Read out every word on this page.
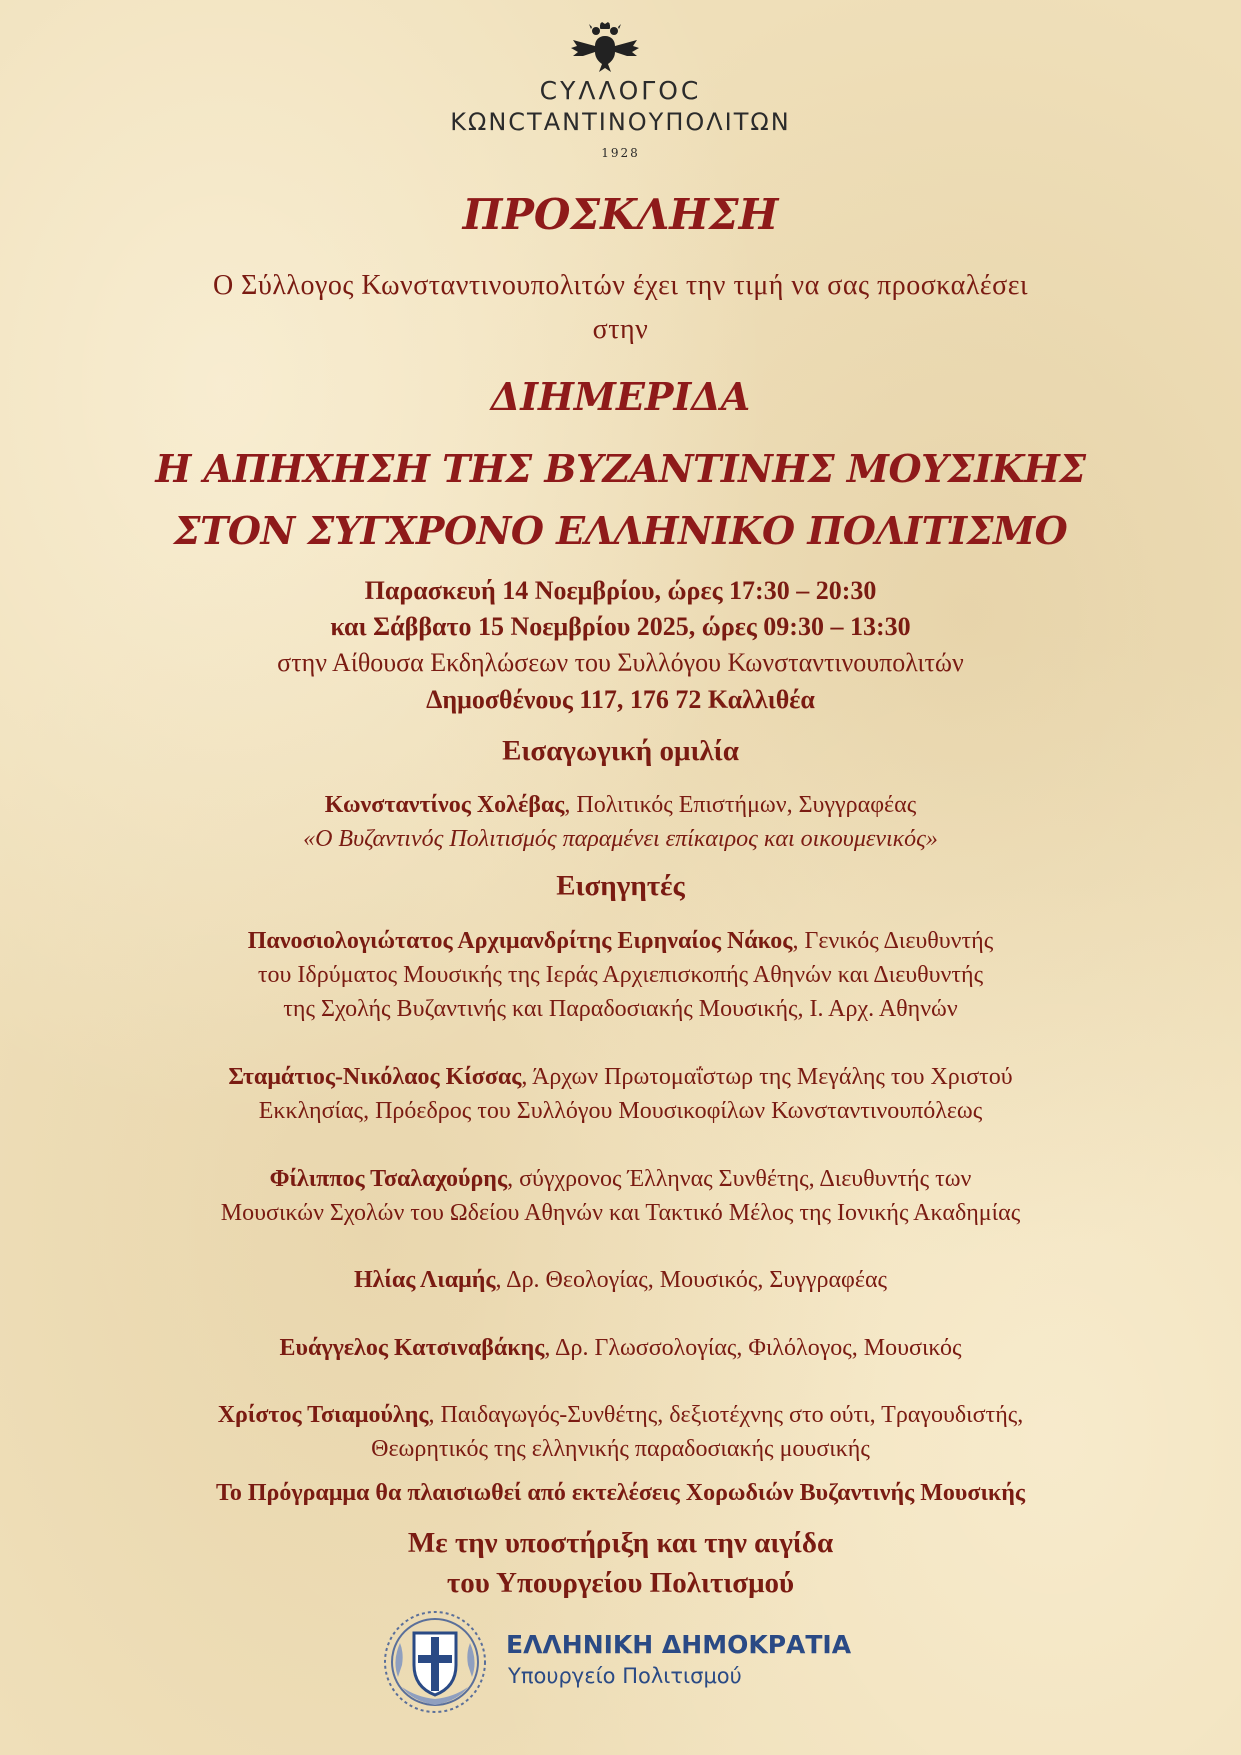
ϹΥΛΛΟΓΟϹ
ΚΩΝϹΤΑΝΤΙΝΟΥΠΟΛΙΤΩΝ
1928
ΠΡΟΣΚΛΗΣΗ
Ο Σύλλογος Κωνσταντινουπολιτών έχει την τιμή να σας προσκαλέσει
στην
ΔΙΗΜΕΡΙΔΑ
Η ΑΠΗΧΗΣΗ ΤΗΣ ΒΥΖΑΝΤΙΝΗΣ ΜΟΥΣΙΚΗΣ
ΣΤΟΝ ΣΥΓΧΡΟΝΟ ΕΛΛΗΝΙΚΟ ΠΟΛΙΤΙΣΜΟ
Παρασκευή 14 Νοεμβρίου, ώρες 17:30 – 20:30
και Σάββατο 15 Νοεμβρίου 2025, ώρες 09:30 – 13:30
στην Αίθουσα Εκδηλώσεων του Συλλόγου Κωνσταντινουπολιτών
Δημοσθένους 117, 176 72 Καλλιθέα
Εισαγωγική ομιλία
Κωνσταντίνος Χολέβας, Πολιτικός Επιστήμων, Συγγραφέας
«Ο Βυζαντινός Πολιτισμός παραμένει επίκαιρος και οικουμενικός»
Εισηγητές
Πανοσιολογιώτατος Αρχιμανδρίτης Ειρηναίος Νάκος, Γενικός Διευθυντής
του Ιδρύματος Μουσικής της Ιεράς Αρχιεπισκοπής Αθηνών και Διευθυντής
της Σχολής Βυζαντινής και Παραδοσιακής Μουσικής, Ι. Αρχ. Αθηνών
Σταμάτιος-Νικόλαος Κίσσας, Άρχων Πρωτομαΐστωρ της Μεγάλης του Χριστού
Εκκλησίας, Πρόεδρος του Συλλόγου Μουσικοφίλων Κωνσταντινουπόλεως
Φίλιππος Τσαλαχούρης, σύγχρονος Έλληνας Συνθέτης, Διευθυντής των
Μουσικών Σχολών του Ωδείου Αθηνών και Τακτικό Μέλος της Ιονικής Ακαδημίας
Ηλίας Λιαμής, Δρ. Θεολογίας, Μουσικός, Συγγραφέας
Ευάγγελος Κατσιναβάκης, Δρ. Γλωσσολογίας, Φιλόλογος, Μουσικός
Χρίστος Τσιαμούλης, Παιδαγωγός-Συνθέτης, δεξιοτέχνης στο ούτι, Τραγουδιστής,
Θεωρητικός της ελληνικής παραδοσιακής μουσικής
Το Πρόγραμμα θα πλαισιωθεί από εκτελέσεις Χορωδιών Βυζαντινής Μουσικής
Με την υποστήριξη και την αιγίδα
του Υπουργείου Πολιτισμού
ΕΛΛΗΝΙΚΗ ΔΗΜΟΚΡΑΤΙΑ
Υπουργείο Πολιτισμού
